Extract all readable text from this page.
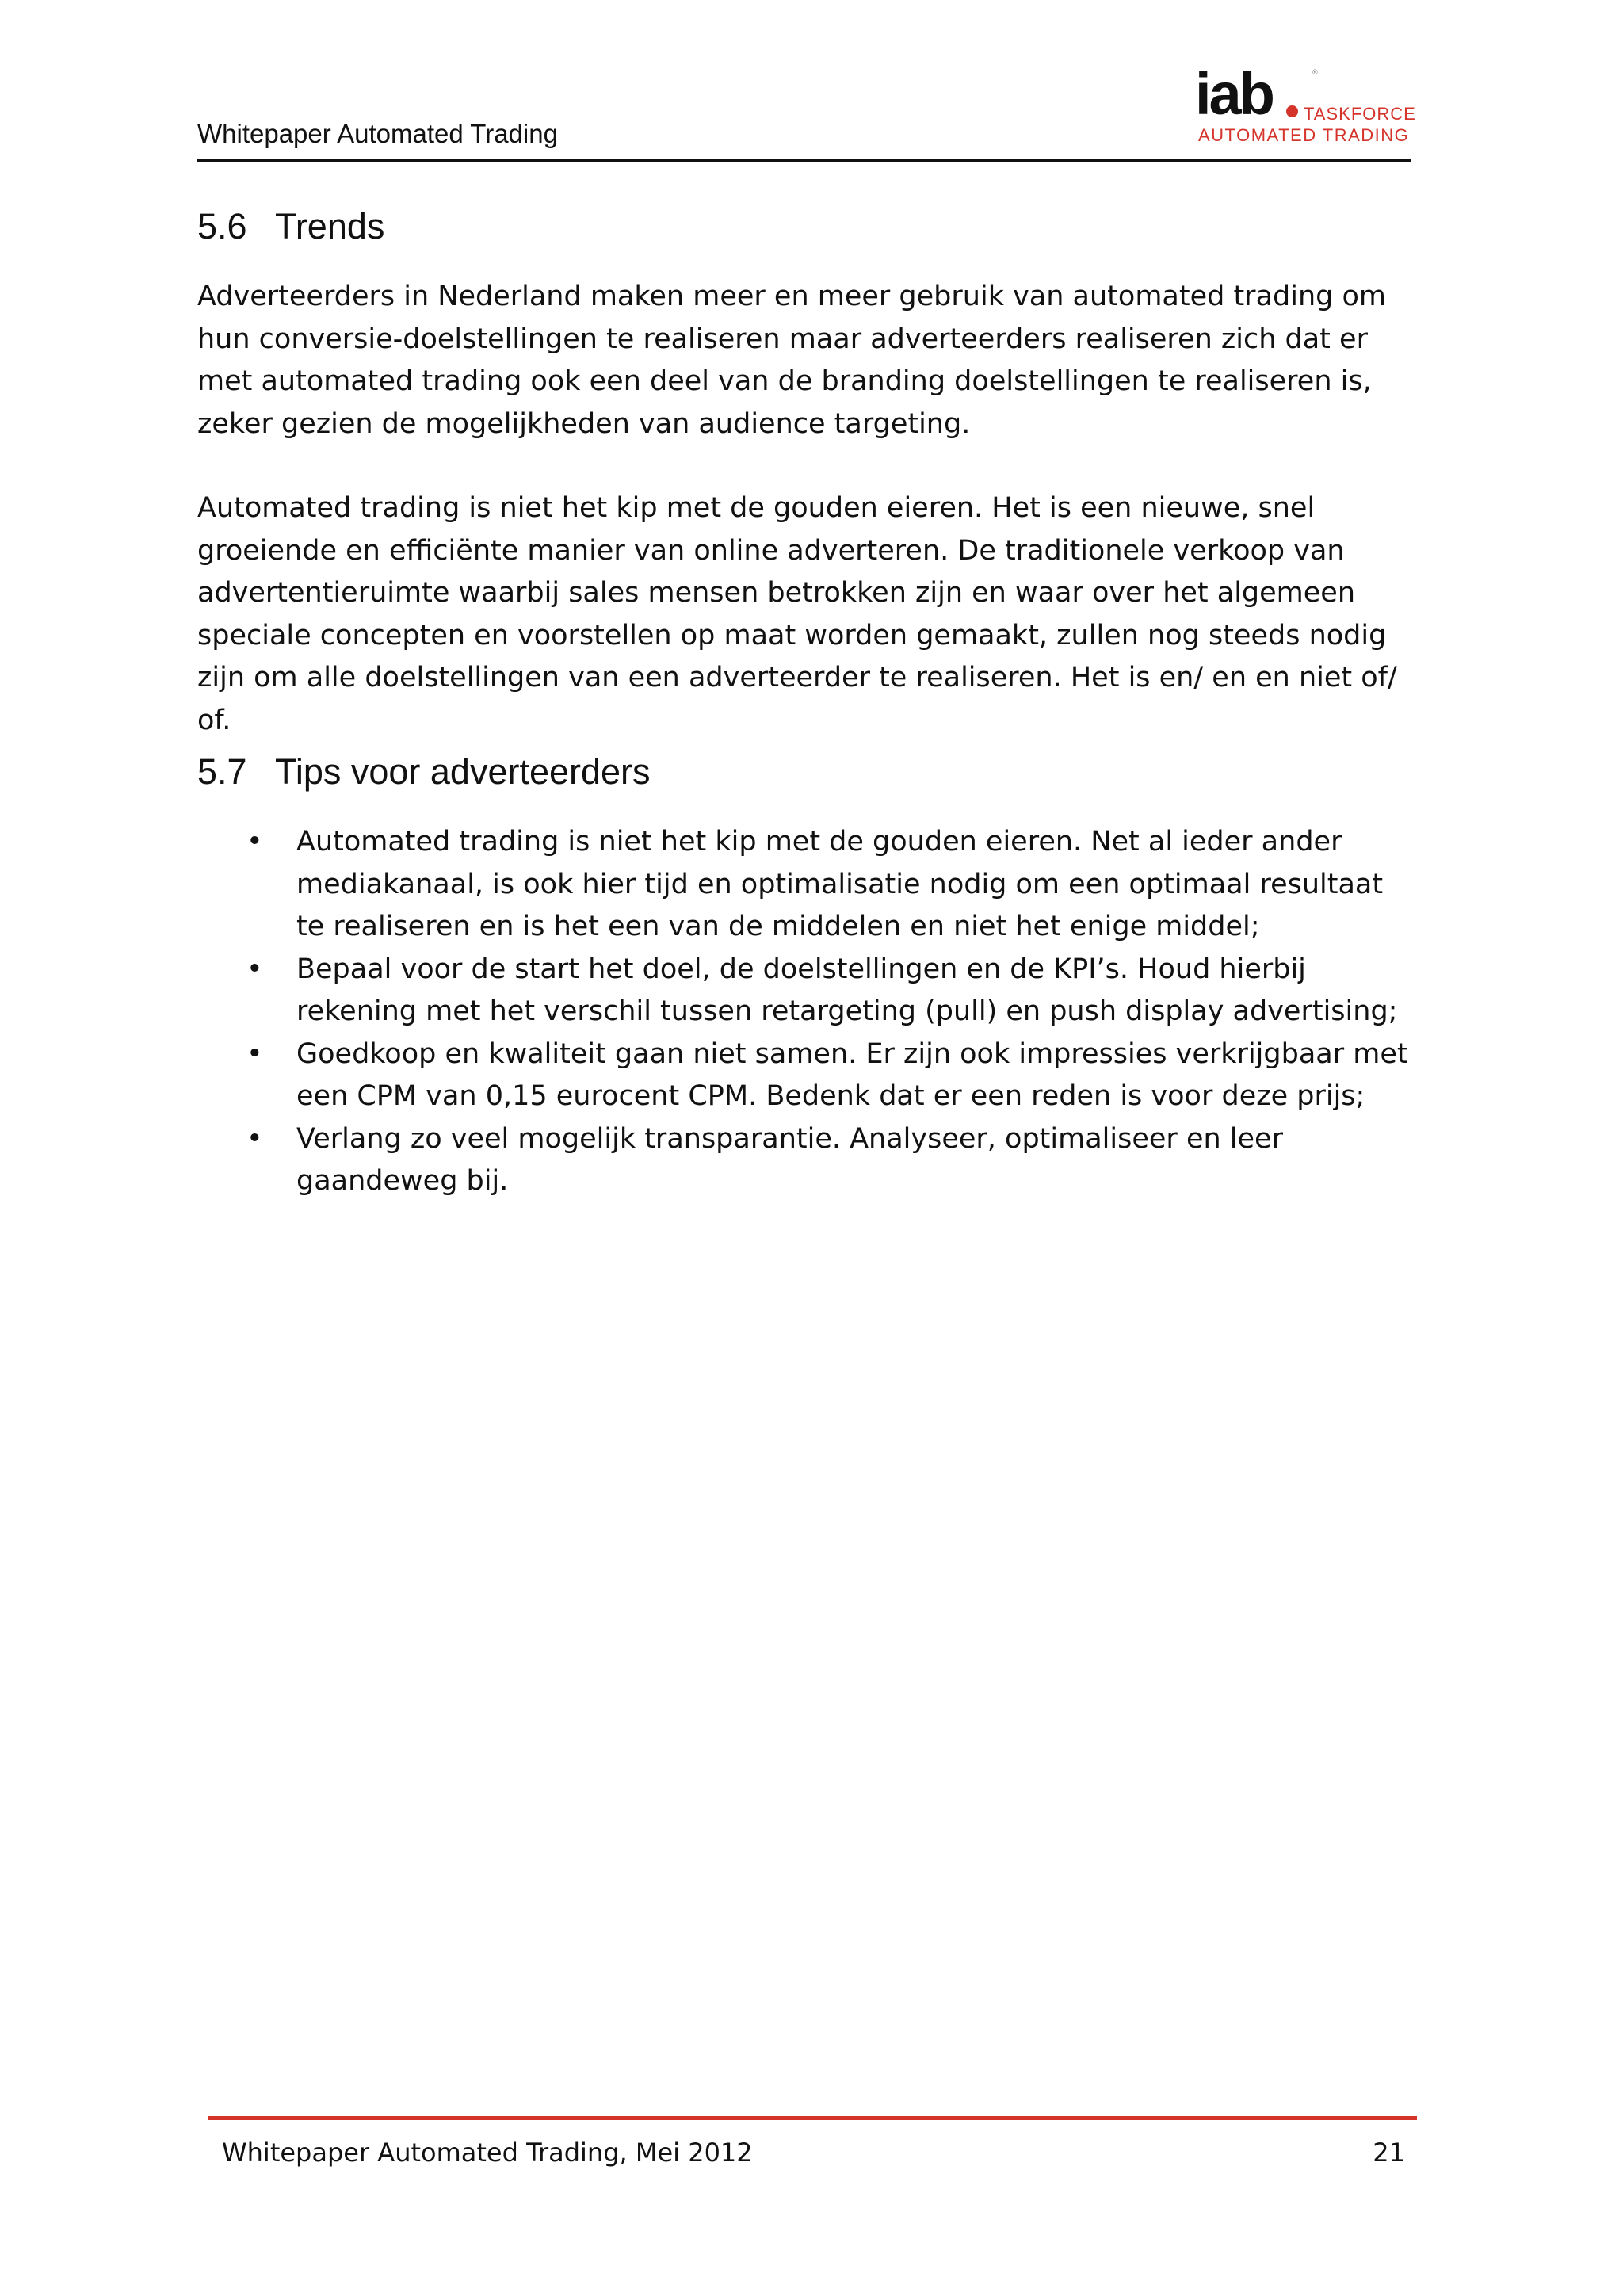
Whitepaper Automated Trading
iab	®
TASKFORCE
AUTOMATED TRADING
5.6 Trends

Adverteerders in Nederland maken meer en meer gebruik van automated trading om hun conversie-doelstellingen te realiseren maar adverteerders realiseren zich dat er met automated trading ook een deel van de branding doelstellingen te realiseren is, zeker gezien de mogelijkheden van audience targeting.

Automated trading is niet het kip met de gouden eieren. Het is een nieuwe, snel groeiende en efficiënte manier van online adverteren. De traditionele verkoop van advertentieruimte waarbij sales mensen betrokken zijn en waar over het algemeen speciale concepten en voorstellen op maat worden gemaakt, zullen nog steeds nodig zijn om alle doelstellingen van een adverteerder te realiseren. Het is en/ en en niet of/ of.

5.7 Tips voor adverteerders
• Automated trading is niet het kip met de gouden eieren. Net al ieder ander mediakanaal, is ook hier tijd en optimalisatie nodig om een optimaal resultaat te realiseren en is het een van de middelen en niet het enige middel;
• Bepaal voor de start het doel, de doelstellingen en de KPI’s. Houd hierbij rekening met het verschil tussen retargeting (pull) en push display advertising;
• Goedkoop en kwaliteit gaan niet samen. Er zijn ook impressies verkrijgbaar met een CPM van 0,15 eurocent CPM. Bedenk dat er een reden is voor deze prijs;
• Verlang zo veel mogelijk transparantie. Analyseer, optimaliseer en leer gaandeweg bij.
Whitepaper Automated Trading, Mei 2012	21
